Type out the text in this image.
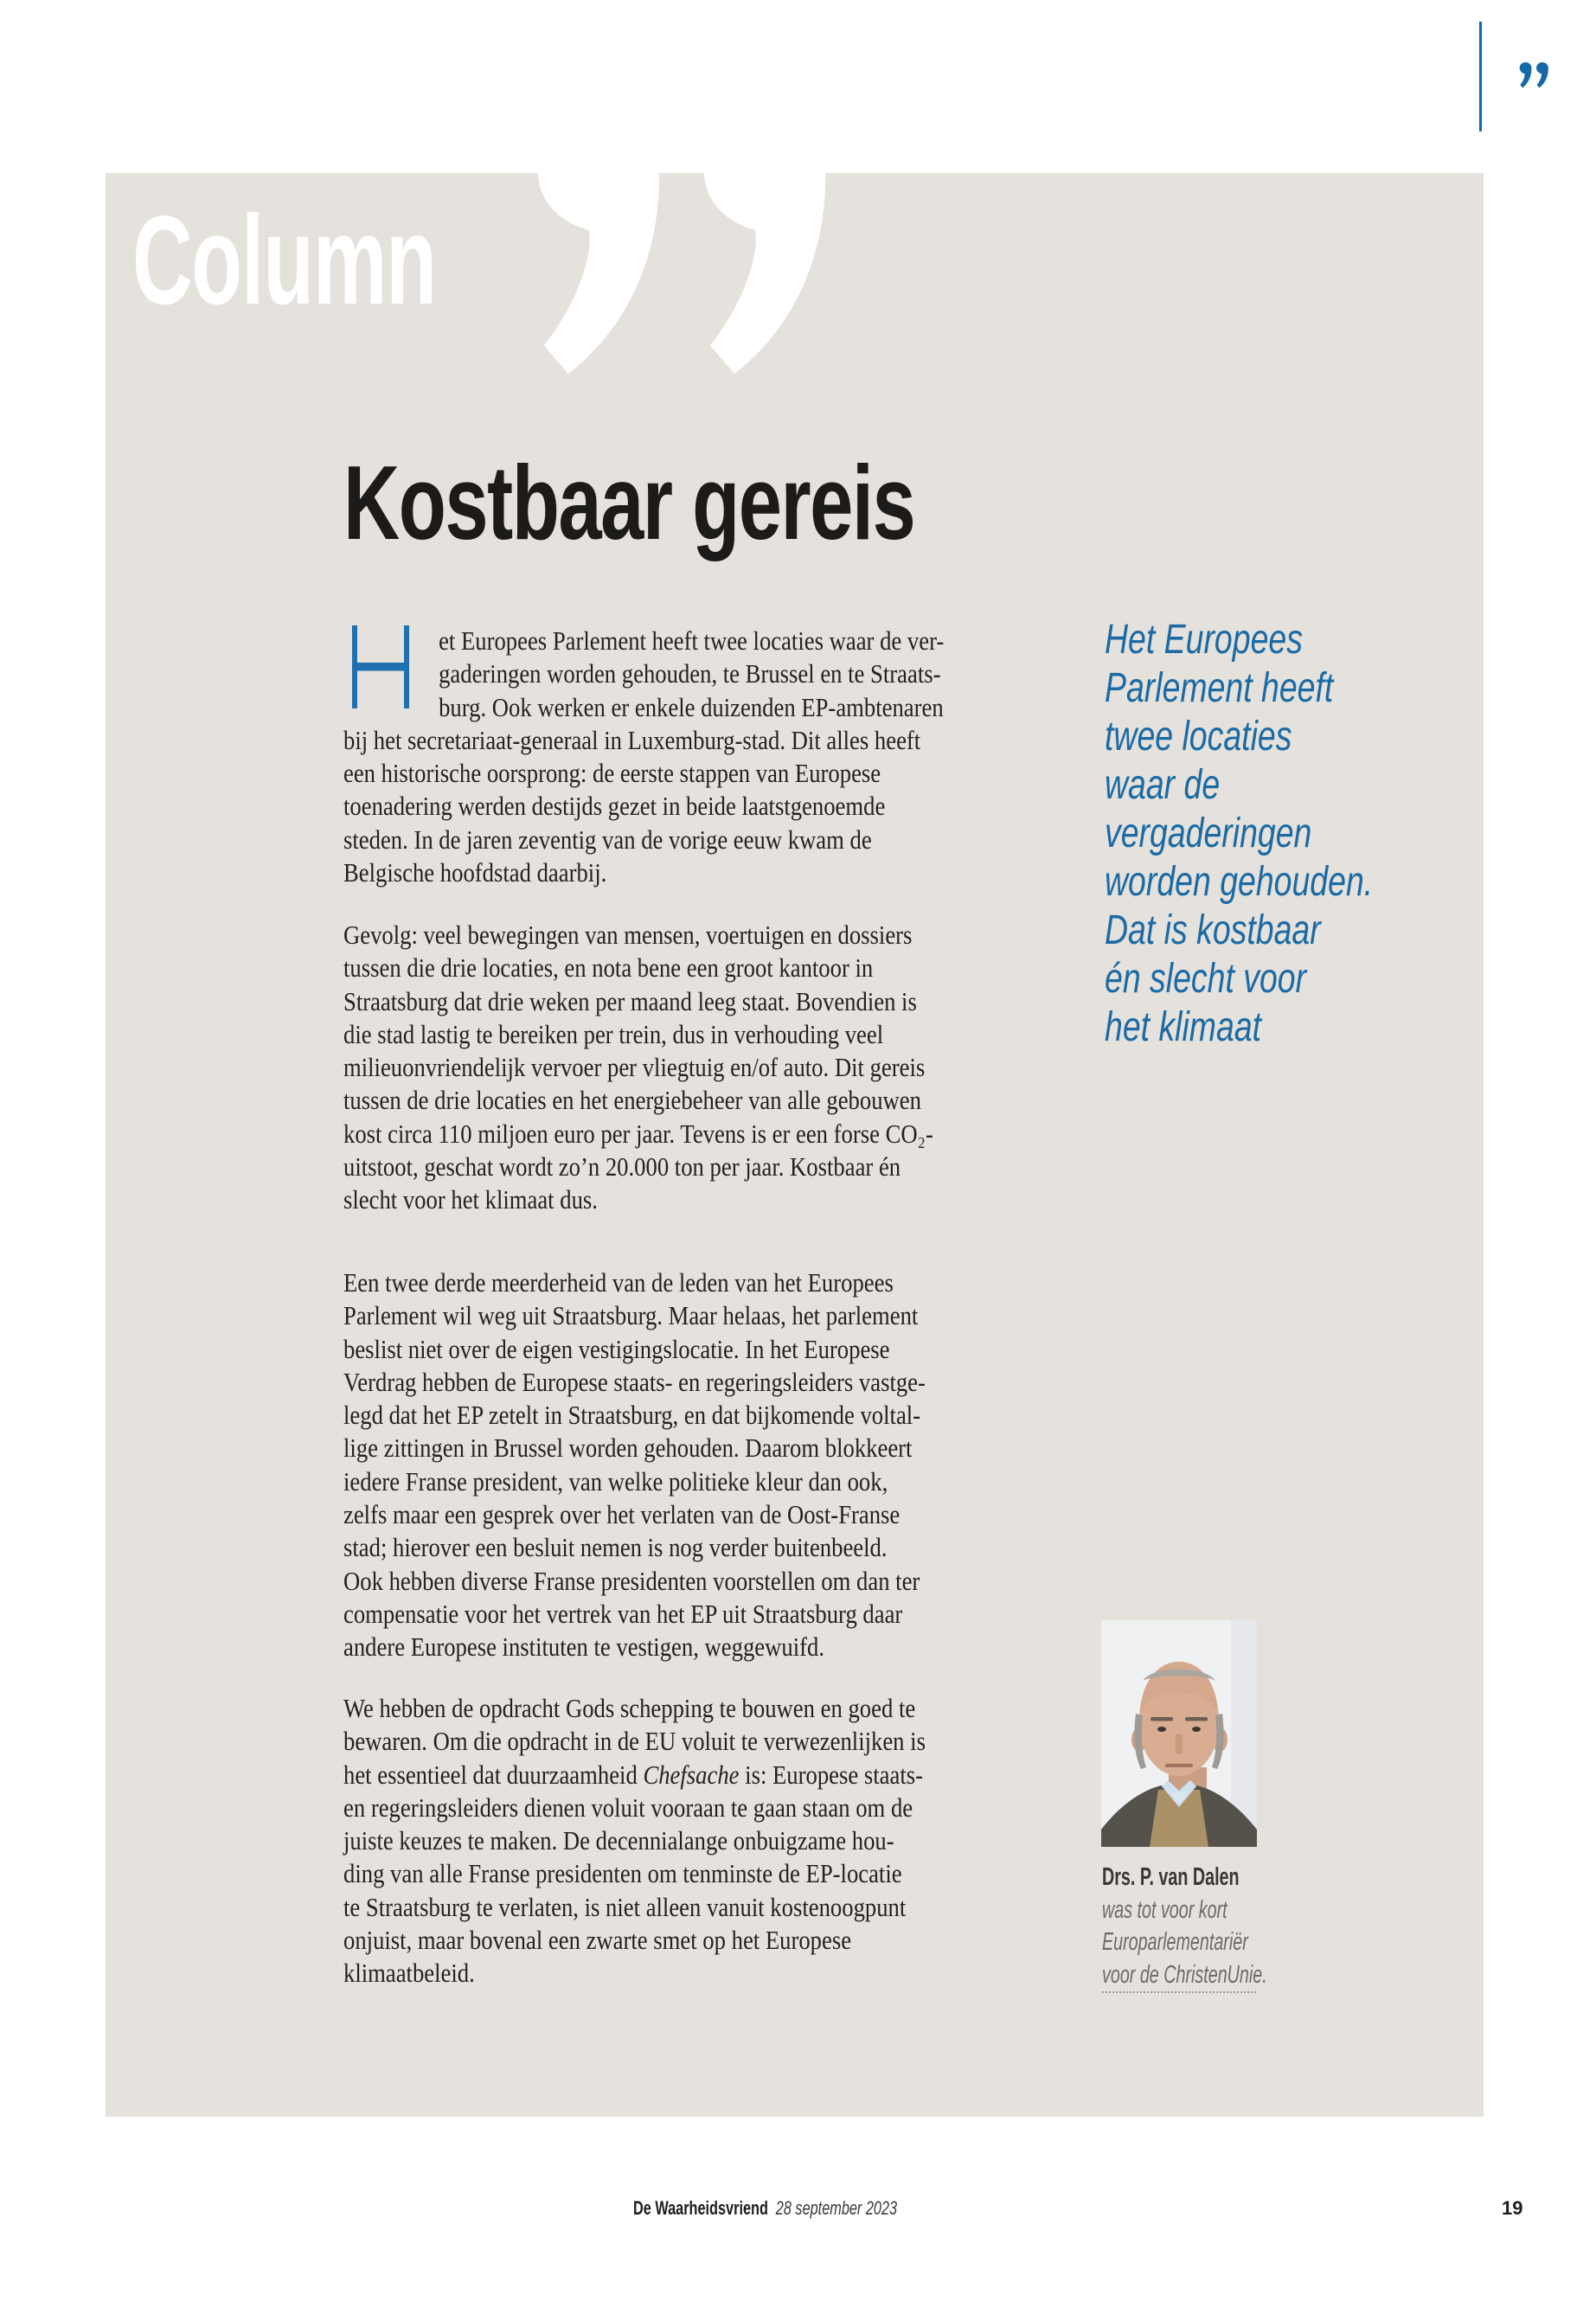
Column
Kostbaar gereis
et Europees Parlement heeft twee locaties waar de ver-
gaderingen worden gehouden, te Brussel en te Straats-
burg. Ook werken er enkele duizenden EP-ambtenaren
bij het secretariaat-generaal in Luxemburg-stad. Dit alles heeft
een historische oorsprong: de eerste stappen van Europese
toenadering werden destijds gezet in beide laatstgenoemde
steden. In de jaren zeventig van de vorige eeuw kwam de
Belgische hoofdstad daarbij.
Gevolg: veel bewegingen van mensen, voertuigen en dossiers
tussen die drie locaties, en nota bene een groot kantoor in
Straatsburg dat drie weken per maand leeg staat. Bovendien is
die stad lastig te bereiken per trein, dus in verhouding veel
milieuonvriendelijk vervoer per vliegtuig en/of auto. Dit gereis
tussen de drie locaties en het energiebeheer van alle gebouwen
kost circa 110 miljoen euro per jaar. Tevens is er een forse CO₂-
uitstoot, geschat wordt zo’n 20.000 ton per jaar. Kostbaar én
slecht voor het klimaat dus.
Een twee derde meerderheid van de leden van het Europees
Parlement wil weg uit Straatsburg. Maar helaas, het parlement
beslist niet over de eigen vestigingslocatie. In het Europese
Verdrag hebben de Europese staats- en regeringsleiders vastge-
legd dat het EP zetelt in Straatsburg, en dat bijkomende voltal-
lige zittingen in Brussel worden gehouden. Daarom blokkeert
iedere Franse president, van welke politieke kleur dan ook,
zelfs maar een gesprek over het verlaten van de Oost-Franse
stad; hierover een besluit nemen is nog verder buitenbeeld.
Ook hebben diverse Franse presidenten voorstellen om dan ter
compensatie voor het vertrek van het EP uit Straatsburg daar
andere Europese instituten te vestigen, weggewuifd.
We hebben de opdracht Gods schepping te bouwen en goed te
bewaren. Om die opdracht in de EU voluit te verwezenlijken is
het essentieel dat duurzaamheid Chefsache is: Europese staats-
en regeringsleiders dienen voluit vooraan te gaan staan om de
juiste keuzes te maken. De decennialange onbuigzame hou-
ding van alle Franse presidenten om tenminste de EP-locatie
te Straatsburg te verlaten, is niet alleen vanuit kostenoogpunt
onjuist, maar bovenal een zwarte smet op het Europese
klimaatbeleid.
Het Europees
Parlement heeft
twee locaties
waar de
vergaderingen
worden gehouden.
Dat is kostbaar
én slecht voor
het klimaat
Drs. P. van Dalen
was tot voor kort
Europarlementariër
voor de ChristenUnie.
De Waarheidsvriend 28 september 2023	19
